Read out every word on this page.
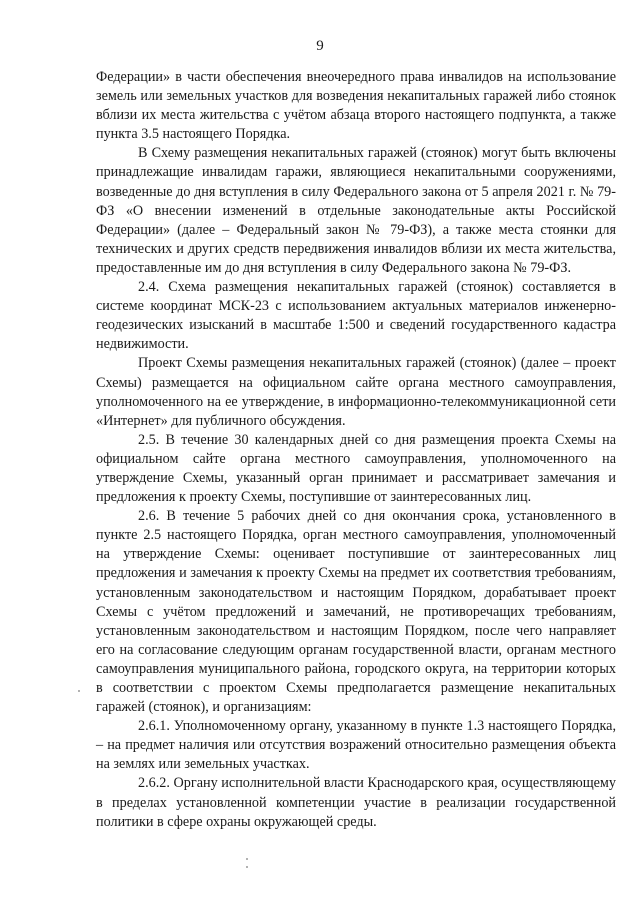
9

Федерации» в части обеспечения внеочередного права инвалидов на использование земель или земельных участков для возведения некапитальных гаражей либо стоянок вблизи их места жительства с учётом абзаца второго настоящего подпункта, а также пункта 3.5 настоящего Порядка.

В Схему размещения некапитальных гаражей (стоянок) могут быть включены принадлежащие инвалидам гаражи, являющиеся некапитальными сооружениями, возведенные до дня вступления в силу Федерального закона от 5 апреля 2021 г. № 79-ФЗ «О внесении изменений в отдельные законодательные акты Российской Федерации» (далее – Федеральный закон № 79-ФЗ), а также места стоянки для технических и других средств передвижения инвалидов вблизи их места жительства, предоставленные им до дня вступления в силу Федерального закона № 79-ФЗ.

2.4. Схема размещения некапитальных гаражей (стоянок) составляется в системе координат МСК-23 с использованием актуальных материалов инженерно-геодезических изысканий в масштабе 1:500 и сведений государственного кадастра недвижимости.

Проект Схемы размещения некапитальных гаражей (стоянок) (далее – проект Схемы) размещается на официальном сайте органа местного самоуправления, уполномоченного на ее утверждение, в информационно-телекоммуникационной сети «Интернет» для публичного обсуждения.

2.5. В течение 30 календарных дней со дня размещения проекта Схемы на официальном сайте органа местного самоуправления, уполномоченного на утверждение Схемы, указанный орган принимает и рассматривает замечания и предложения к проекту Схемы, поступившие от заинтересованных лиц.

2.6. В течение 5 рабочих дней со дня окончания срока, установленного в пункте 2.5 настоящего Порядка, орган местного самоуправления, уполномоченный на утверждение Схемы: оценивает поступившие от заинтересованных лиц предложения и замечания к проекту Схемы на предмет их соответствия требованиям, установленным законодательством и настоящим Порядком, дорабатывает проект Схемы с учётом предложений и замечаний, не противоречащих требованиям, установленным законодательством и настоящим Порядком, после чего направляет его на согласование следующим органам государственной власти, органам местного самоуправления муниципального района, городского округа, на территории которых в соответствии с проектом Схемы предполагается размещение некапитальных гаражей (стоянок), и организациям:

2.6.1. Уполномоченному органу, указанному в пункте 1.3 настоящего Порядка, – на предмет наличия или отсутствия возражений относительно размещения объекта на землях или земельных участках.

2.6.2. Органу исполнительной власти Краснодарского края, осуществляющему в пределах установленной компетенции участие в реализации государственной политики в сфере охраны окружающей среды.
